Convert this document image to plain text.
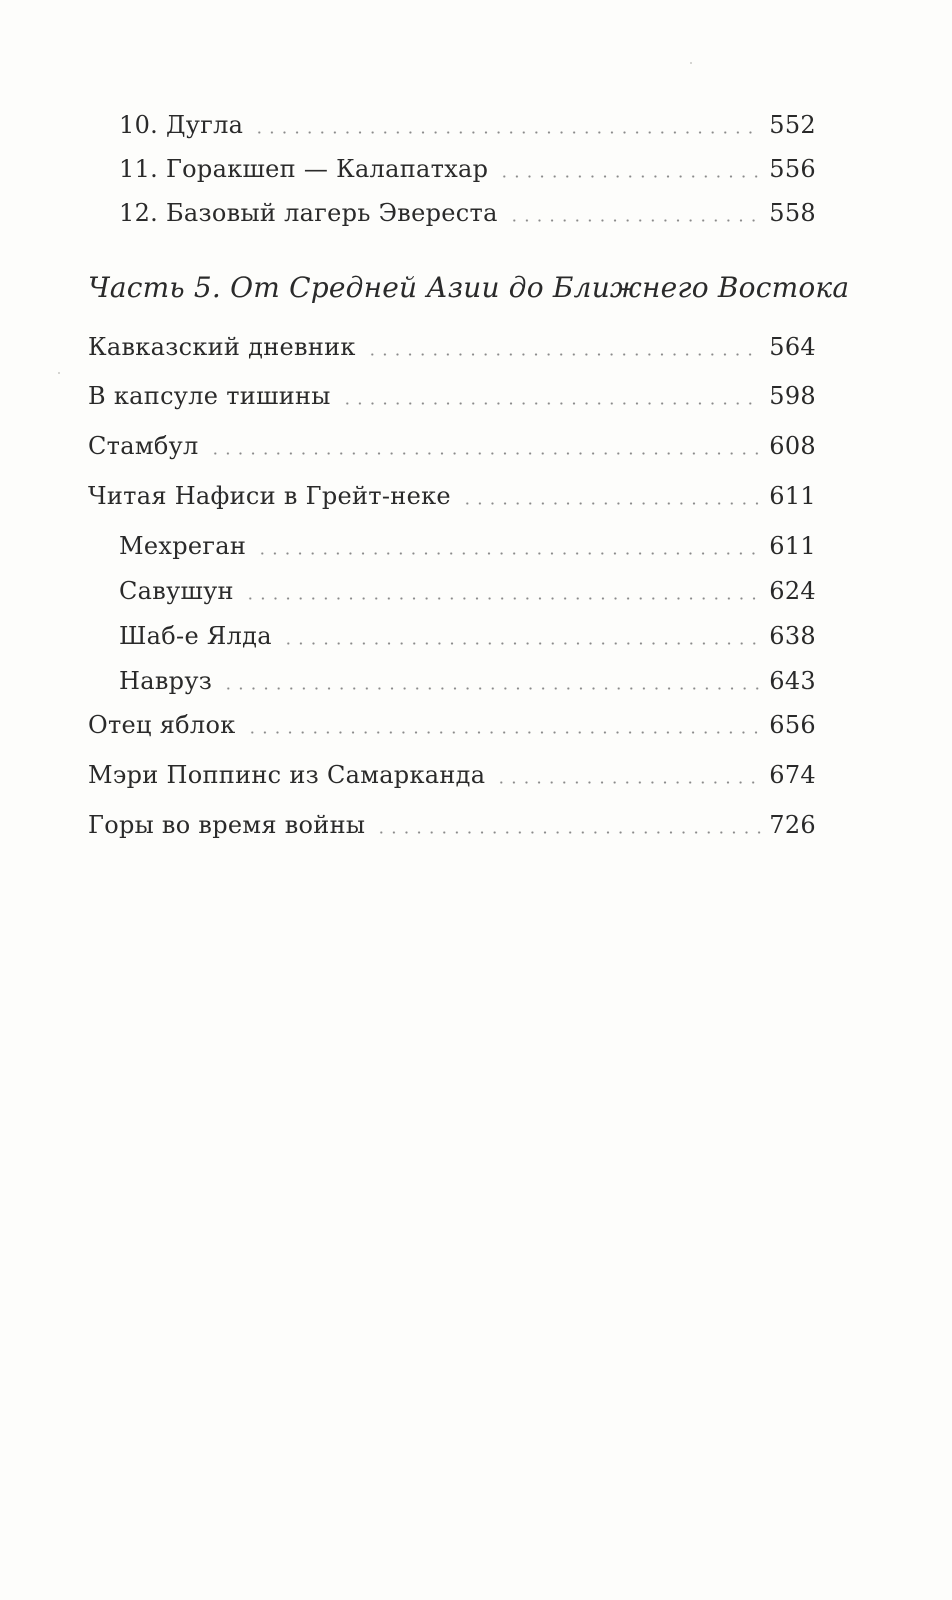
10. Дугла	552
11. Горакшеп — Калапатхар	556
12. Базовый лагерь Эвереста	558
Часть 5. От Средней Азии до Ближнего Востока
Кавказский дневник	564
В капсуле тишины	598
Стамбул	608
Читая Нафиси в Грейт-неке	611
Мехреган	611
Савушун	624
Шаб-е Ялда	638
Навруз	643
Отец яблок	656
Мэри Поппинс из Самарканда	674
Горы во время войны	726
